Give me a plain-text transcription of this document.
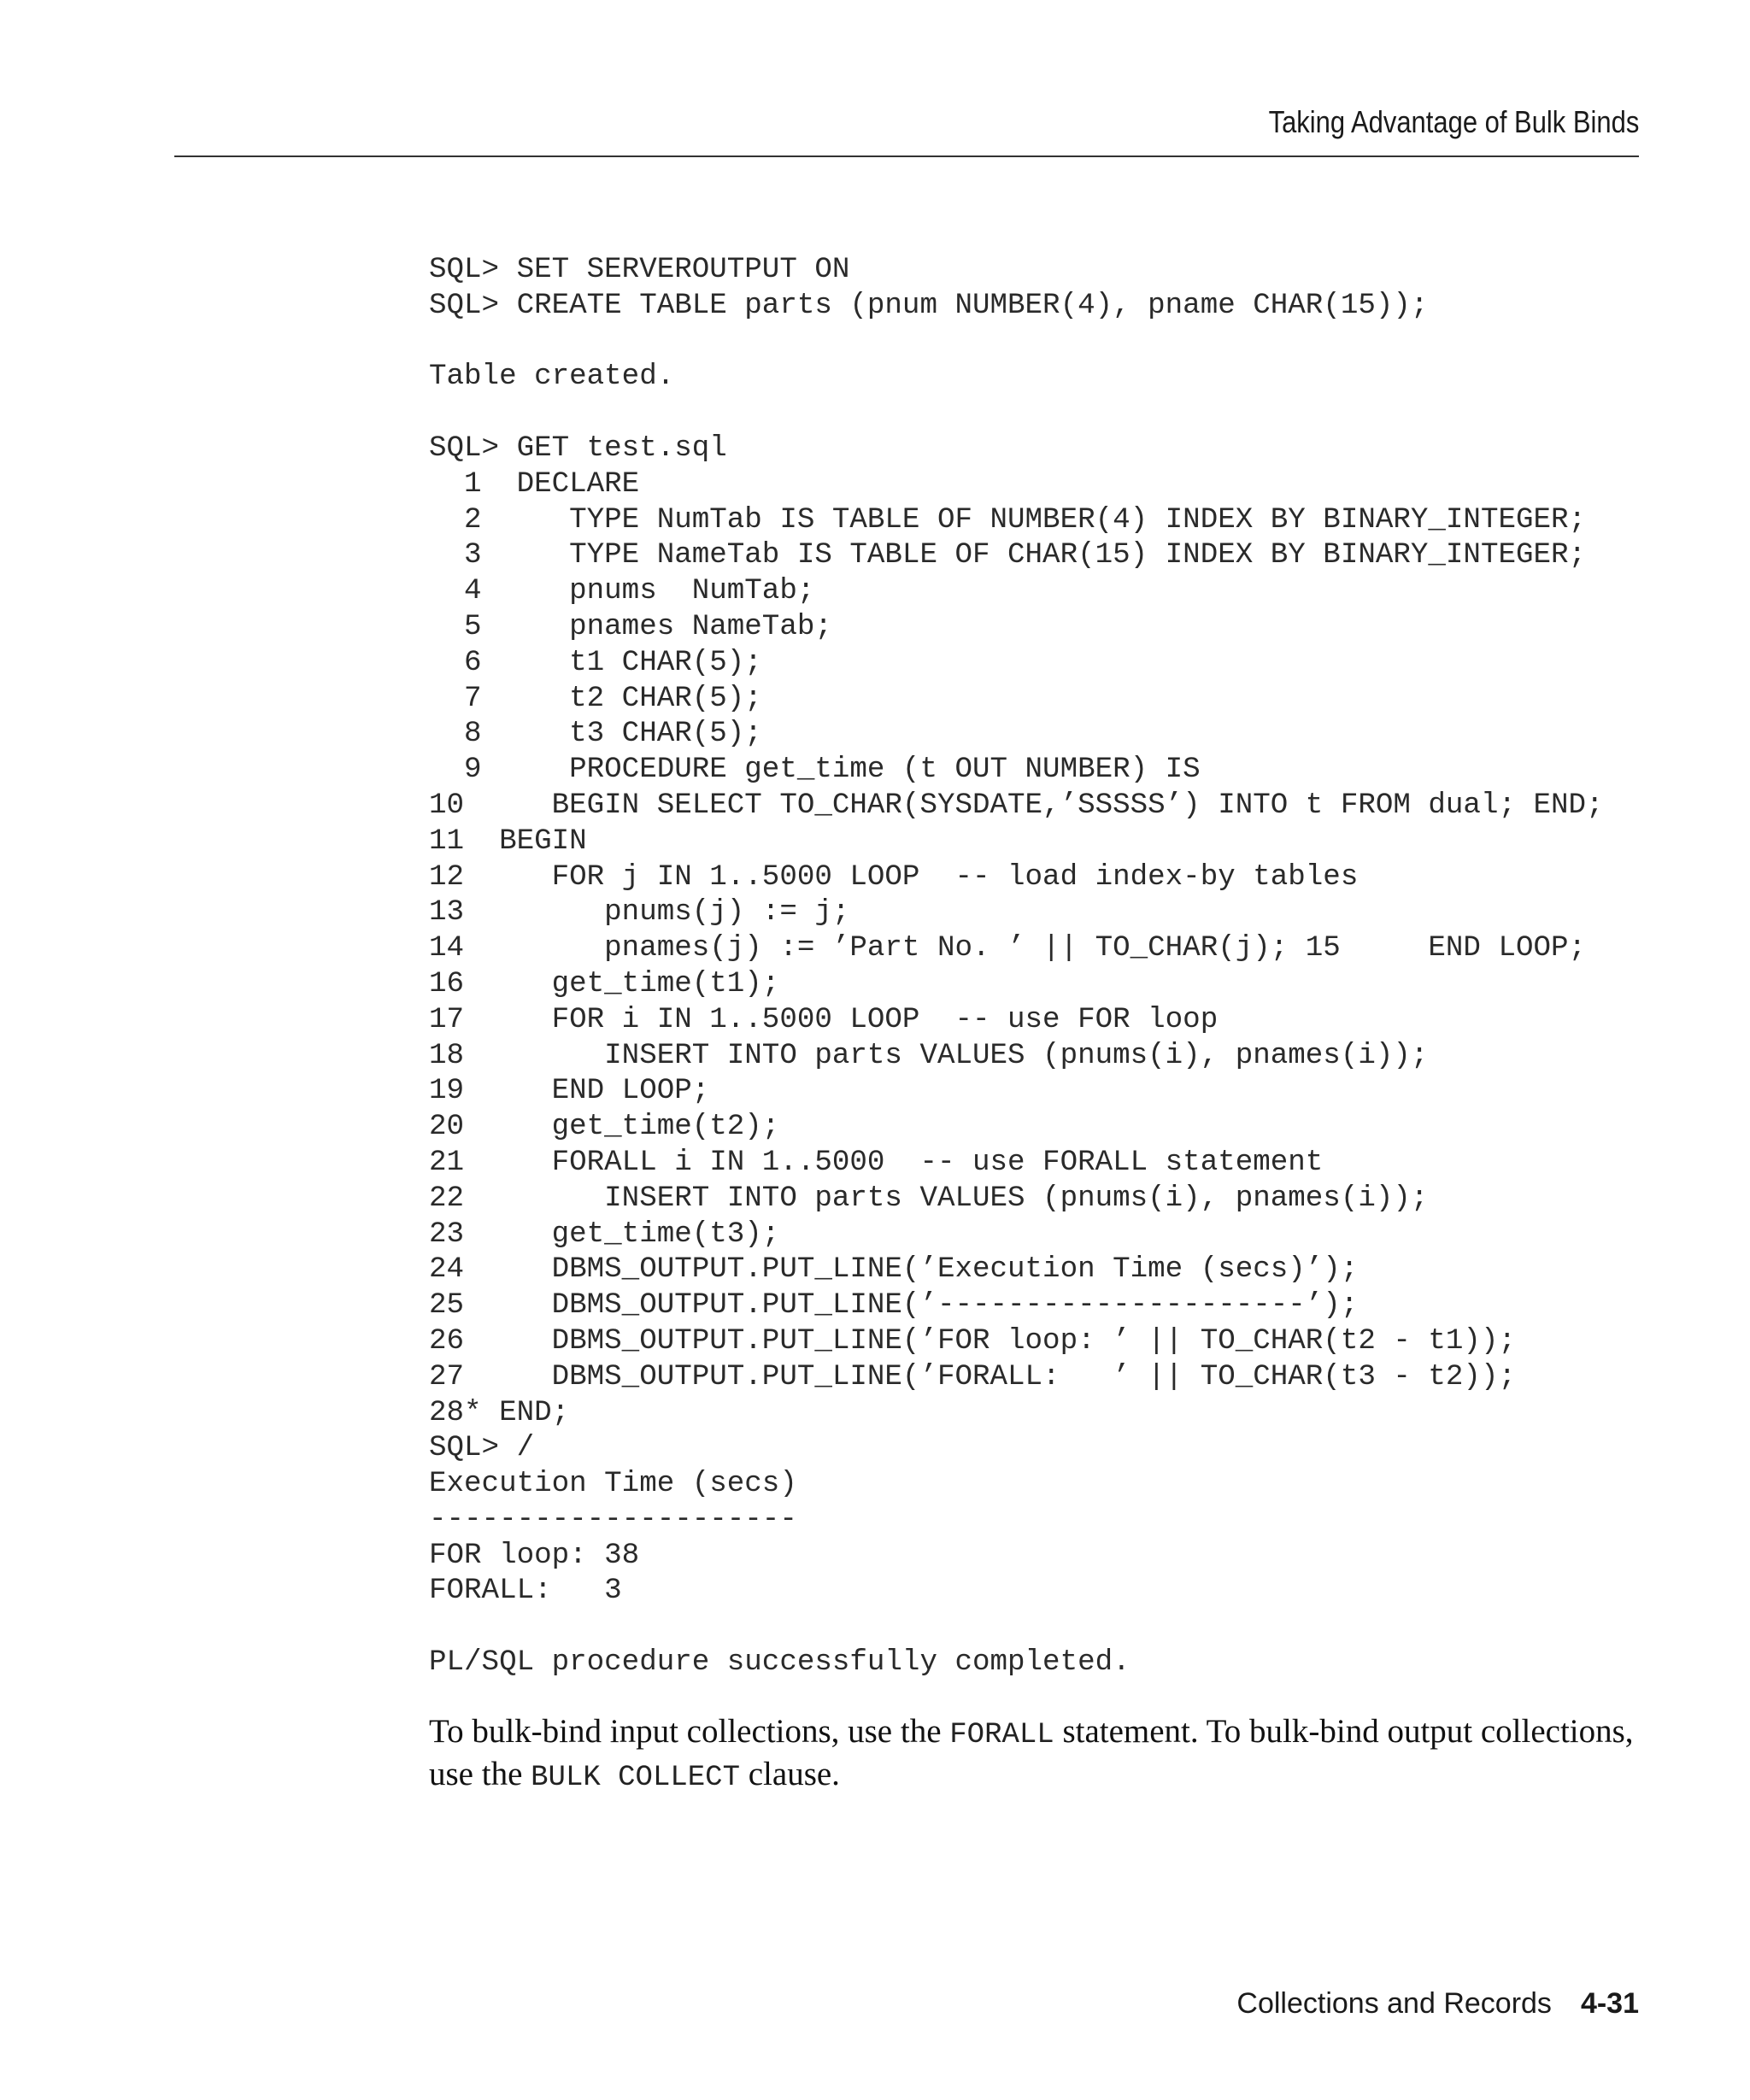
Taking Advantage of Bulk Binds
SQL> SET SERVEROUTPUT ON
SQL> CREATE TABLE parts (pnum NUMBER(4), pname CHAR(15));
Table created.
SQL> GET test.sql
1  DECLARE
2     TYPE NumTab IS TABLE OF NUMBER(4) INDEX BY BINARY_INTEGER;
3     TYPE NameTab IS TABLE OF CHAR(15) INDEX BY BINARY_INTEGER;
4     pnums  NumTab;
5     pnames NameTab;
6     t1 CHAR(5);
7     t2 CHAR(5);
8     t3 CHAR(5);
9     PROCEDURE get_time (t OUT NUMBER) IS
10     BEGIN SELECT TO_CHAR(SYSDATE,’SSSSS’) INTO t FROM dual; END;
11  BEGIN
12     FOR j IN 1..5000 LOOP  -- load index-by tables
13        pnums(j) := j;
14        pnames(j) := ’Part No. ’ || TO_CHAR(j); 15     END LOOP;
16     get_time(t1);
17     FOR i IN 1..5000 LOOP  -- use FOR loop
18        INSERT INTO parts VALUES (pnums(i), pnames(i));
19     END LOOP;
20     get_time(t2);
21     FORALL i IN 1..5000  -- use FORALL statement
22        INSERT INTO parts VALUES (pnums(i), pnames(i));
23     get_time(t3);
24     DBMS_OUTPUT.PUT_LINE(’Execution Time (secs)’);
25     DBMS_OUTPUT.PUT_LINE(’---------------------’);
26     DBMS_OUTPUT.PUT_LINE(’FOR loop: ’ || TO_CHAR(t2 - t1));
27     DBMS_OUTPUT.PUT_LINE(’FORALL:   ’ || TO_CHAR(t3 - t2));
28* END;
SQL> /
Execution Time (secs)
---------------------
FOR loop: 38
FORALL:   3
PL/SQL procedure successfully completed.

To bulk-bind input collections, use the FORALL statement. To bulk-bind output collections, use the BULK COLLECT clause.

Collections and Records 4-31
